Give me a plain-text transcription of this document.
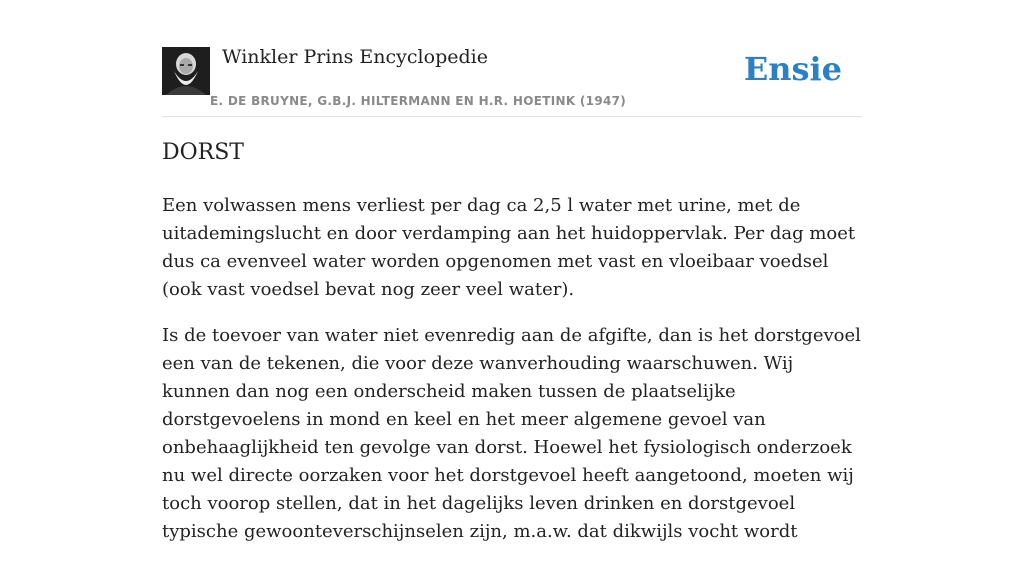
Winkler Prins Encyclopedie
E. DE BRUYNE, G.B.J. HILTERMANN EN H.R. HOETINK (1947)
Ensie
DORST

Een volwassen mens verliest per dag ca 2,5 l water met urine, met de uitademingslucht en door verdamping aan het huidoppervlak. Per dag moet dus ca evenveel water worden opgenomen met vast en vloeibaar voedsel (ook vast voedsel bevat nog zeer veel water).

Is de toevoer van water niet evenredig aan de afgifte, dan is het dorstgevoel een van de tekenen, die voor deze wanverhouding waarschuwen. Wij kunnen dan nog een onderscheid maken tussen de plaatselijke dorstgevoelens in mond en keel en het meer algemene gevoel van onbehaaglijkheid ten gevolge van dorst. Hoewel het fysiologisch onderzoek nu wel directe oorzaken voor het dorstgevoel heeft aangetoond, moeten wij toch voorop stellen, dat in het dagelijks leven drinken en dorstgevoel typische gewoonteverschijnselen zijn, m.a.w. dat dikwijls vocht wordt
